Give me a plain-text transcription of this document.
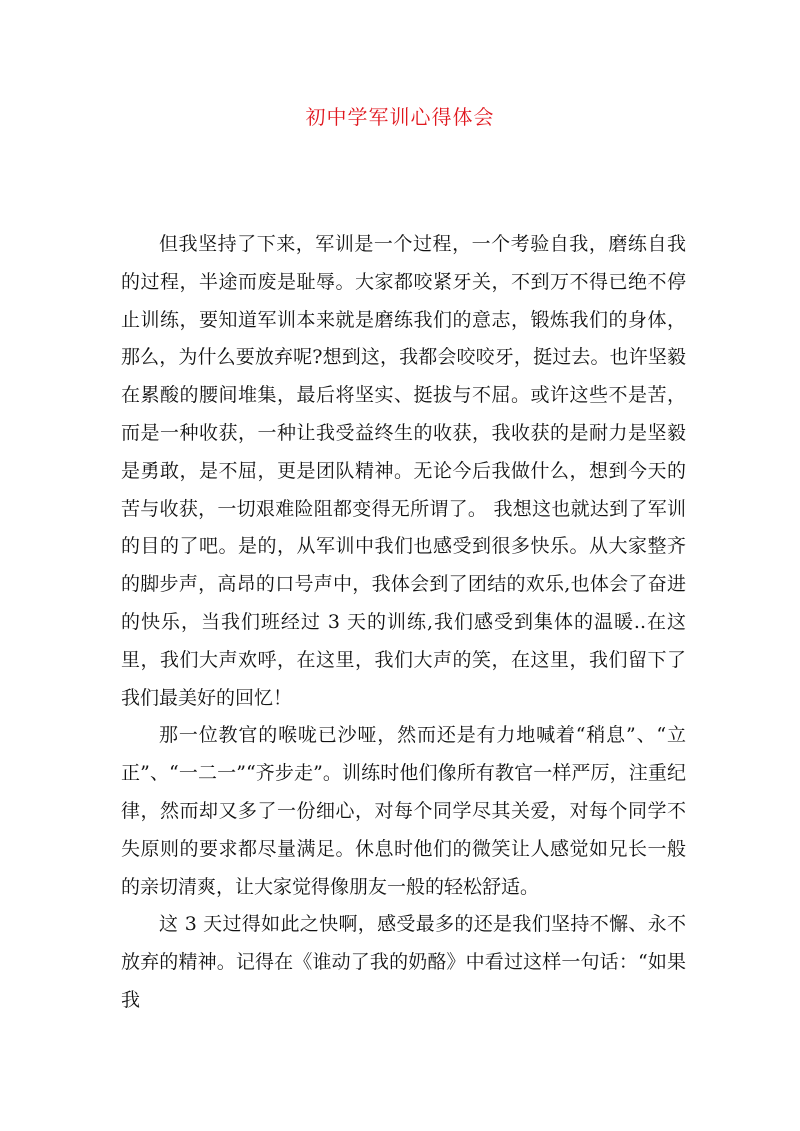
初中学军训心得体会

但我坚持了下来，军训是一个过程，一个考验自我，磨练自我的过程，半途而废是耻辱。大家都咬紧牙关，不到万不得已绝不停止训练，要知道军训本来就是磨练我们的意志，锻炼我们的身体，那么，为什么要放弃呢?想到这，我都会咬咬牙，挺过去。也许坚毅在累酸的腰间堆集，最后将坚实、挺拔与不屈。或许这些不是苦，而是一种收获，一种让我受益终生的收获，我收获的是耐力是坚毅是勇敢，是不屈，更是团队精神。无论今后我做什么，想到今天的苦与收获，一切艰难险阻都变得无所谓了。 我想这也就达到了军训的目的了吧。是的，从军训中我们也感受到很多快乐。从大家整齐的脚步声，高昂的口号声中，我体会到了团结的欢乐,也体会了奋进的快乐，当我们班经过 3 天的训练,我们感受到集体的温暖..在这里，我们大声欢呼，在这里，我们大声的笑，在这里，我们留下了我们最美好的回忆！

那一位教官的喉咙已沙哑，然而还是有力地喊着“稍息”、“立正”、“一二一”“齐步走”。训练时他们像所有教官一样严厉，注重纪律，然而却又多了一份细心，对每个同学尽其关爱，对每个同学不失原则的要求都尽量满足。休息时他们的微笑让人感觉如兄长一般的亲切清爽，让大家觉得像朋友一般的轻松舒适。

这 3 天过得如此之快啊，感受最多的还是我们坚持不懈、永不放弃的精神。记得在《谁动了我的奶酪》中看过这样一句话：“如果我
